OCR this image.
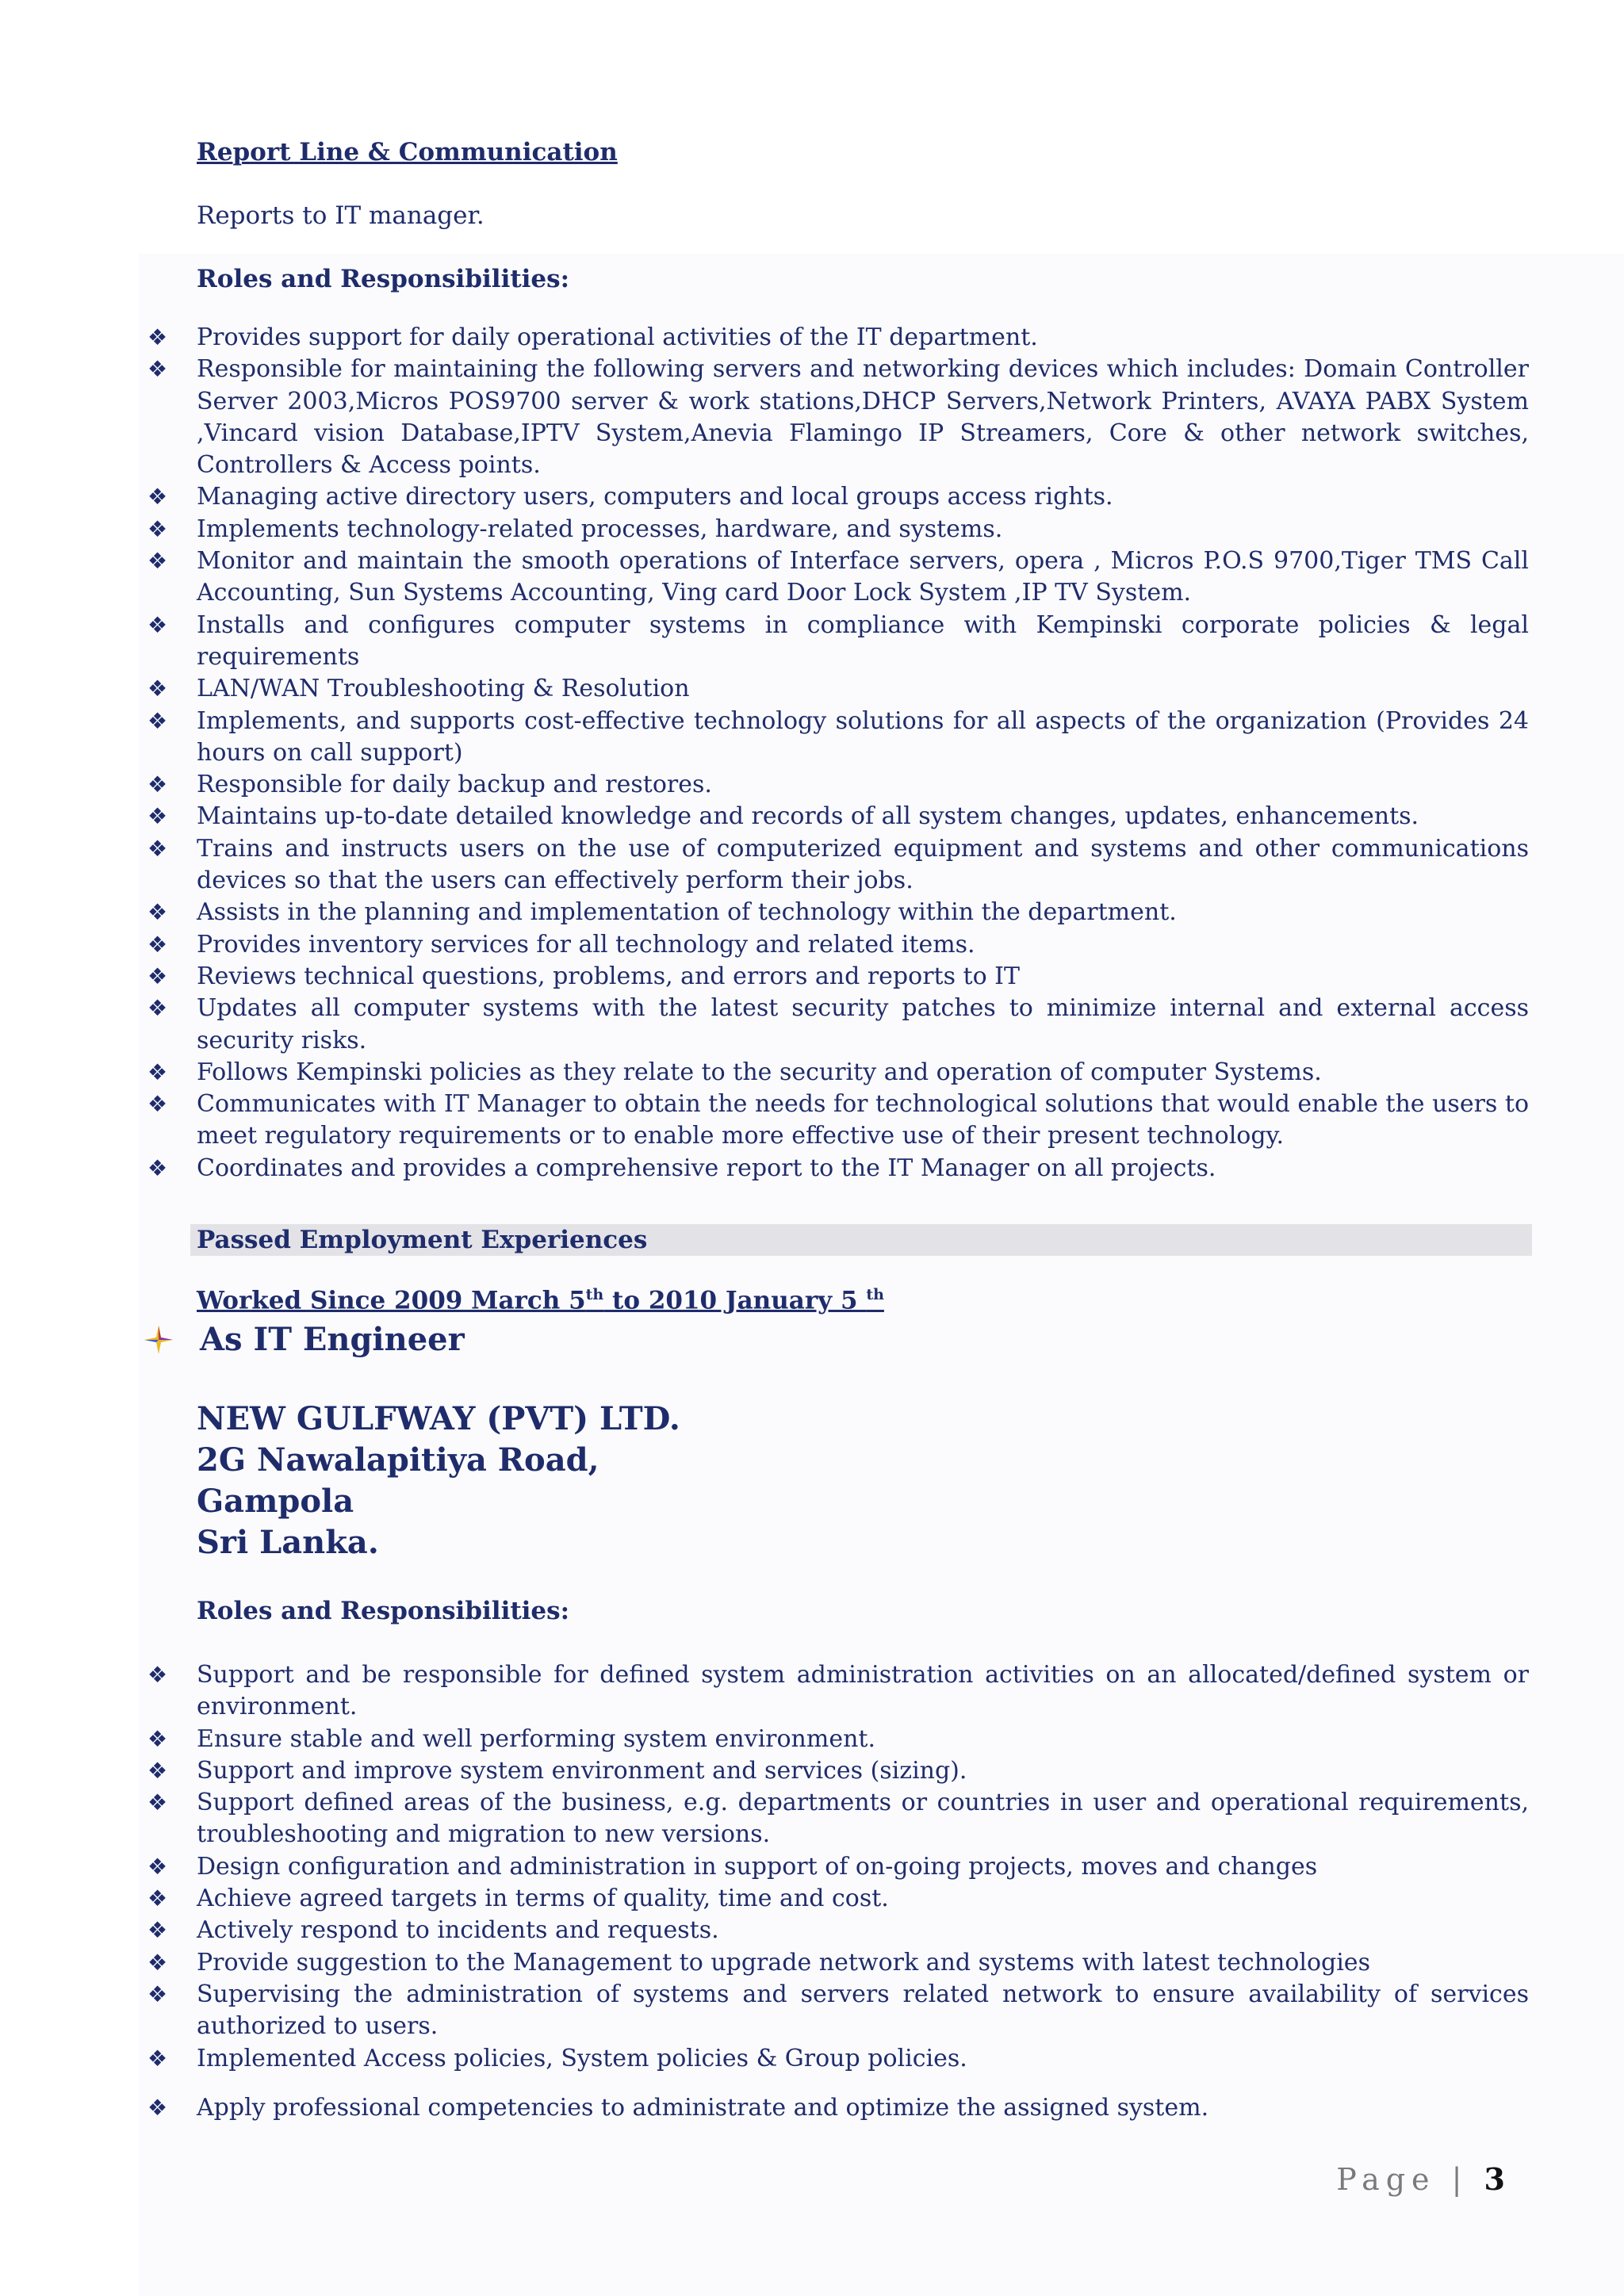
Report Line & Communication

Reports to IT manager.

Roles and Responsibilities:

❖ Provides support for daily operational activities of the IT department.
❖ Responsible for maintaining the following servers and networking devices which includes: Domain Controller Server 2003,Micros POS9700 server & work stations,DHCP Servers,Network Printers, AVAYA PABX System ,Vincard vision Database,IPTV System,Anevia Flamingo IP Streamers, Core & other network switches, Controllers & Access points.
❖ Managing active directory users, computers and local groups access rights.
❖ Implements technology-related processes, hardware, and systems.
❖ Monitor and maintain the smooth operations of Interface servers, opera , Micros P.O.S 9700,Tiger TMS Call Accounting, Sun Systems Accounting, Ving card Door Lock System ,IP TV System.
❖ Installs and configures computer systems in compliance with Kempinski corporate policies & legal requirements
❖ LAN/WAN Troubleshooting & Resolution
❖ Implements, and supports cost-effective technology solutions for all aspects of the organization (Provides 24 hours on call support)
❖ Responsible for daily backup and restores.
❖ Maintains up-to-date detailed knowledge and records of all system changes, updates, enhancements.
❖ Trains and instructs users on the use of computerized equipment and systems and other communications devices so that the users can effectively perform their jobs.
❖ Assists in the planning and implementation of technology within the department.
❖ Provides inventory services for all technology and related items.
❖ Reviews technical questions, problems, and errors and reports to IT
❖ Updates all computer systems with the latest security patches to minimize internal and external access security risks.
❖ Follows Kempinski policies as they relate to the security and operation of computer Systems.
❖ Communicates with IT Manager to obtain the needs for technological solutions that would enable the users to meet regulatory requirements or to enable more effective use of their present technology.
❖ Coordinates and provides a comprehensive report to the IT Manager on all projects.
Passed Employment Experiences
Worked Since 2009 March 5th to 2010 January 5 $^{th}$
As IT Engineer
NEW GULFWAY (PVT) LTD.
2G Nawalapitiya Road,
Gampola
Sri Lanka.

Roles and Responsibilities:

❖ Support and be responsible for defined system administration activities on an allocated/defined system or environment.
❖ Ensure stable and well performing system environment.
❖ Support and improve system environment and services (sizing).
❖ Support defined areas of the business, e.g. departments or countries in user and operational requirements, troubleshooting and migration to new versions.
❖ Design configuration and administration in support of on-going projects, moves and changes
❖ Achieve agreed targets in terms of quality, time and cost.
❖ Actively respond to incidents and requests.
❖ Provide suggestion to the Management to upgrade network and systems with latest technologies
❖ Supervising the administration of systems and servers related network to ensure availability of services authorized to users.
❖ Implemented Access policies, System policies & Group policies.
❖ Apply professional competencies to administrate and optimize the assigned system.
Page | 3
